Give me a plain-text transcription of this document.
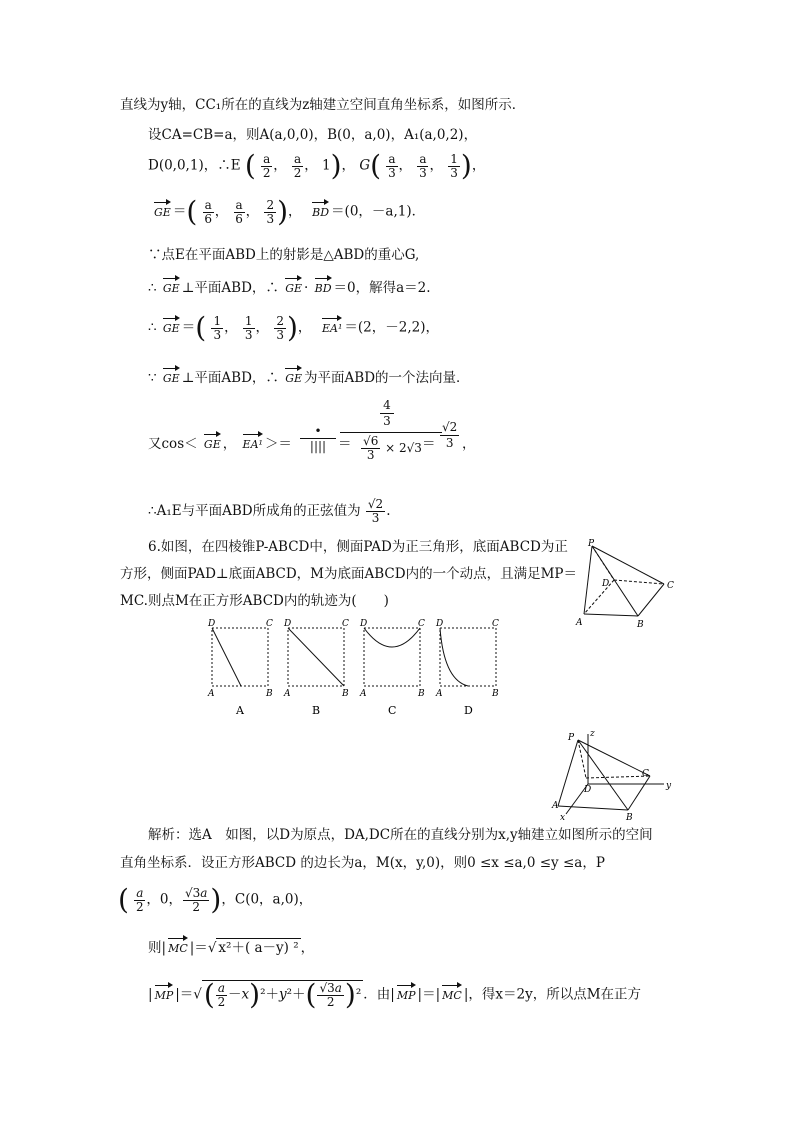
直线为y轴，CC₁所在的直线为z轴建立空间直角坐标系，如图所示．
设CA=CB=a，则A(a,0,0)，B(0，a,0)，A₁(a,0,2)，
D(0,0,1)，∴E ( $\frac{a}{2}$ ， $\frac{a}{2}$ ， 1)， $G( \frac{a}{3}$ ， $\frac{a}{3}$ ， $\frac{1}{3}$ )，
GE ＝( $\frac{a}{6}$ ， $\frac{a}{6}$ ， $\frac{2}{3}$ )，  BD ＝(0，－a,1)．
∵点E在平面ABD上的射影是△ABD的重心G,
∴ GE ⊥平面ABD，∴ GE · BD ＝0，解得a＝2.
∴ GE ＝( $\frac{1}{3}$ ， $\frac{1}{3}$ ， $\frac{2}{3}$ )，  EA¹ ＝(2，－2,2)，
∵ GE ⊥平面ABD，∴ GE 为平面ABD的一个法向量．
又cos＜ GE ， EA¹ ＞＝
•
|||| ＝
4
3
$\frac{√6}{3} \times 2√3$ ＝
√2
3 ，
∴A₁E与平面ABD所成角的正弦值为 $\frac{√2}{3}$ .
6.如图，在四棱锥P-ABCD中，侧面PAD为正三角形，底面ABCD为正
方形，侧面PAD⊥底面ABCD，M为底面ABCD内的一个动点，且满足MP＝
MC.则点M在正方形ABCD内的轨迹为(　　)
P
A	B
C
D
D	C
A	B
D	C
A	B
D	C
A	B
D	C
A	B
A	B	C	D
P z
y
C
D
A
B
x
解析：选A　如图，以D为原点，DA,DC所在的直线分别为x,y轴建立如图所示的空间
直角坐标系．设正方形ABCD 的边长为a，M(x，y,0)，则0 ≤x ≤a,0 ≤y ≤a，P
( $\frac{a}{2}$ ，0， $\frac{√3a}{2}$ )，C(0，a,0)，
则| MC |＝√ x²＋( a－y) ² ，
| MP |＝√( $\frac{a}{2} -x)^2+y^2+( \frac{√3a}{2} )^2$ ．由| MP |＝| MC |，得x＝2y，所以点M在正方
